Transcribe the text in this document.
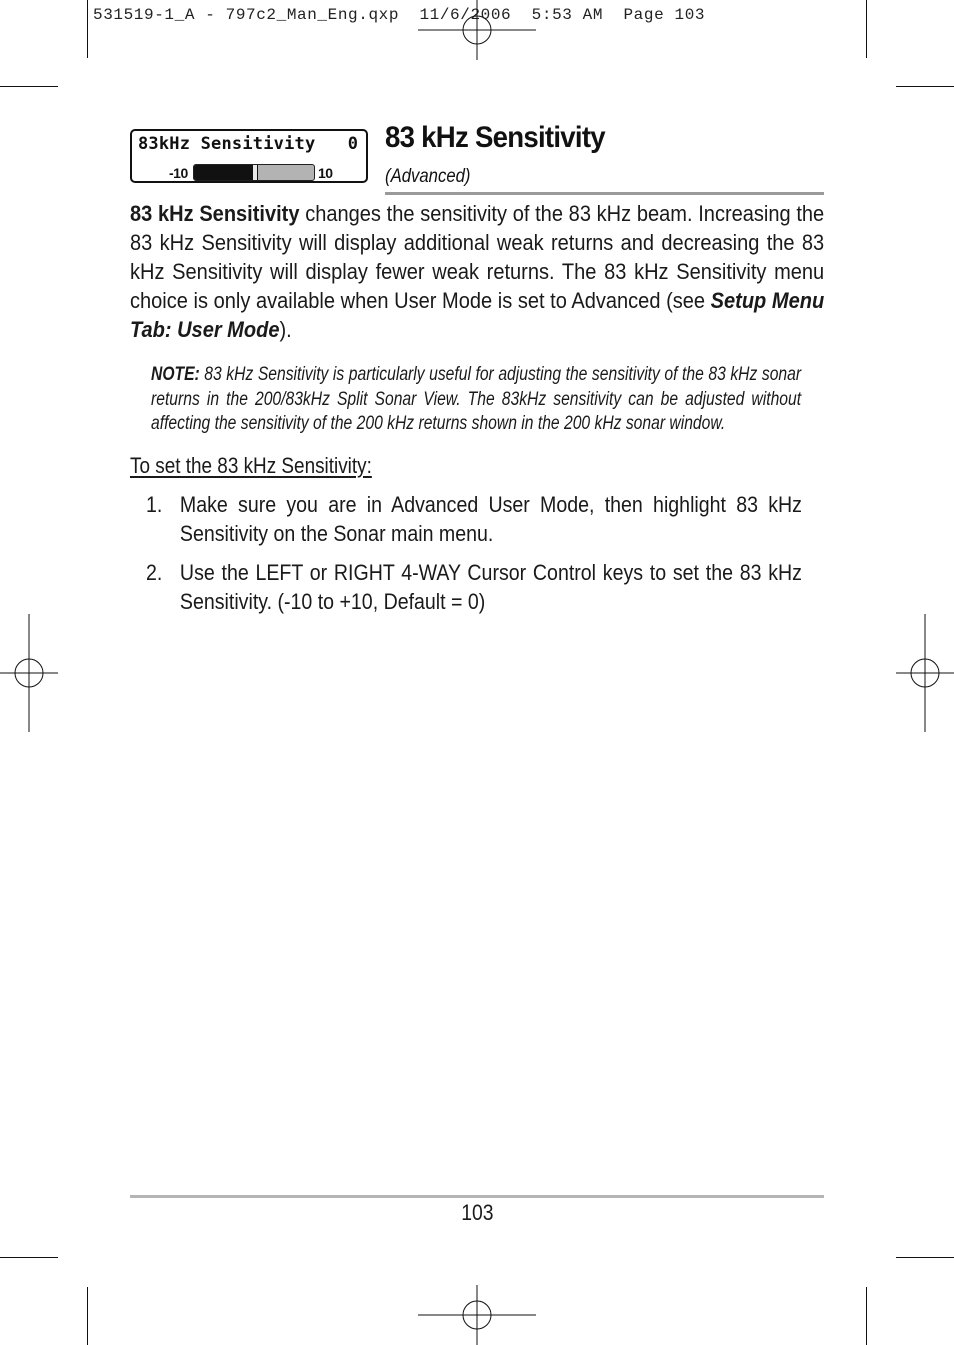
531519-1_A - 797c2_Man_Eng.qxp  11/6/2006  5:53 AM  Page 103
83kHz Sensitivity 0
-10	10
83 kHz Sensitivity
(Advanced)
83 kHz Sensitivity changes the sensitivity of the 83 kHz beam. Increasing the 83 kHz Sensitivity will display additional weak returns and decreasing the 83 kHz Sensitivity will display fewer weak returns. The 83 kHz Sensitivity menu choice is only available when User Mode is set to Advanced (see Setup Menu Tab: User Mode).
NOTE: 83 kHz Sensitivity is particularly useful for adjusting the sensitivity of the 83 kHz sonar returns in the 200/83kHz Split Sonar View. The 83kHz sensitivity can be adjusted without affecting the sensitivity of the 200 kHz returns shown in the 200 kHz sonar window.
To set the 83 kHz Sensitivity:
1. Make sure you are in Advanced User Mode, then highlight 83 kHz Sensitivity on the Sonar main menu.
2. Use the LEFT or RIGHT 4-WAY Cursor Control keys to set the 83 kHz Sensitivity. (-10 to +10, Default = 0)
103
